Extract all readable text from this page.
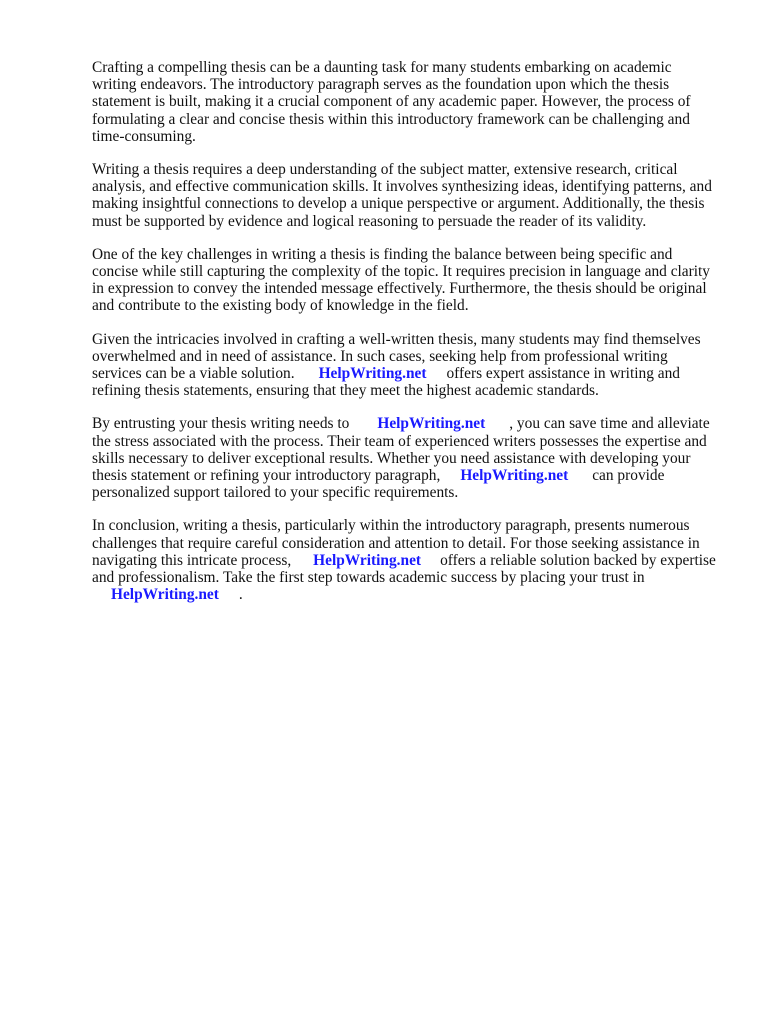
Crafting a compelling thesis can be a daunting task for many students embarking on academic writing endeavors. The introductory paragraph serves as the foundation upon which the thesis statement is built, making it a crucial component of any academic paper. However, the process of formulating a clear and concise thesis within this introductory framework can be challenging and time-consuming.

Writing a thesis requires a deep understanding of the subject matter, extensive research, critical analysis, and effective communication skills. It involves synthesizing ideas, identifying patterns, and making insightful connections to develop a unique perspective or argument. Additionally, the thesis must be supported by evidence and logical reasoning to persuade the reader of its validity.

One of the key challenges in writing a thesis is finding the balance between being specific and concise while still capturing the complexity of the topic. It requires precision in language and clarity in expression to convey the intended message effectively. Furthermore, the thesis should be original and contribute to the existing body of knowledge in the field.

Given the intricacies involved in crafting a well-written thesis, many students may find themselves overwhelmed and in need of assistance. In such cases, seeking help from professional writing services can be a viable solution. HelpWriting.net offers expert assistance in writing and refining thesis statements, ensuring that they meet the highest academic standards.

By entrusting your thesis writing needs to HelpWriting.net , you can save time and alleviate the stress associated with the process. Their team of experienced writers possesses the expertise and skills necessary to deliver exceptional results. Whether you need assistance with developing your thesis statement or refining your introductory paragraph, HelpWriting.net can provide personalized support tailored to your specific requirements.

In conclusion, writing a thesis, particularly within the introductory paragraph, presents numerous challenges that require careful consideration and attention to detail. For those seeking assistance in navigating this intricate process, HelpWriting.net offers a reliable solution backed by expertise and professionalism. Take the first step towards academic success by placing your trust in
HelpWriting.net .
